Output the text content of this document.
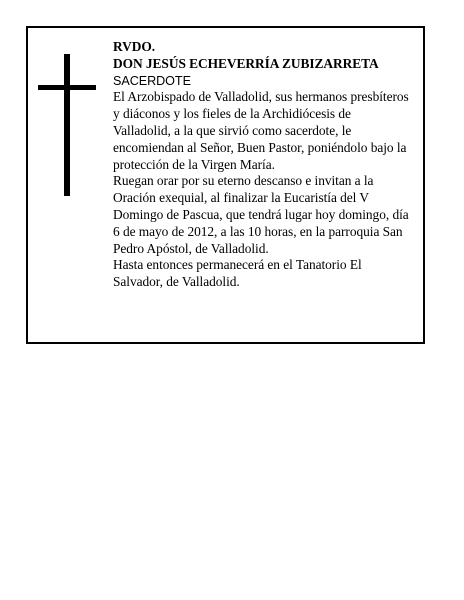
RVDO.
DON JESÚS ECHEVERRÍA ZUBIZARRETA
SACERDOTE
El Arzobispado de Valladolid, sus hermanos presbíteros
y diáconos y los fieles de la Archidiócesis de
Valladolid, a la que sirvió como sacerdote, le
encomiendan al Señor, Buen Pastor, poniéndolo bajo la
protección de la Virgen María.
Ruegan orar por su eterno descanso e invitan a la
Oración exequial, al finalizar la Eucaristía del V
Domingo de Pascua, que tendrá lugar hoy domingo, día
6 de mayo de 2012, a las 10 horas, en la parroquia San
Pedro Apóstol, de Valladolid.
Hasta entonces permanecerá en el Tanatorio El
Salvador, de Valladolid.
